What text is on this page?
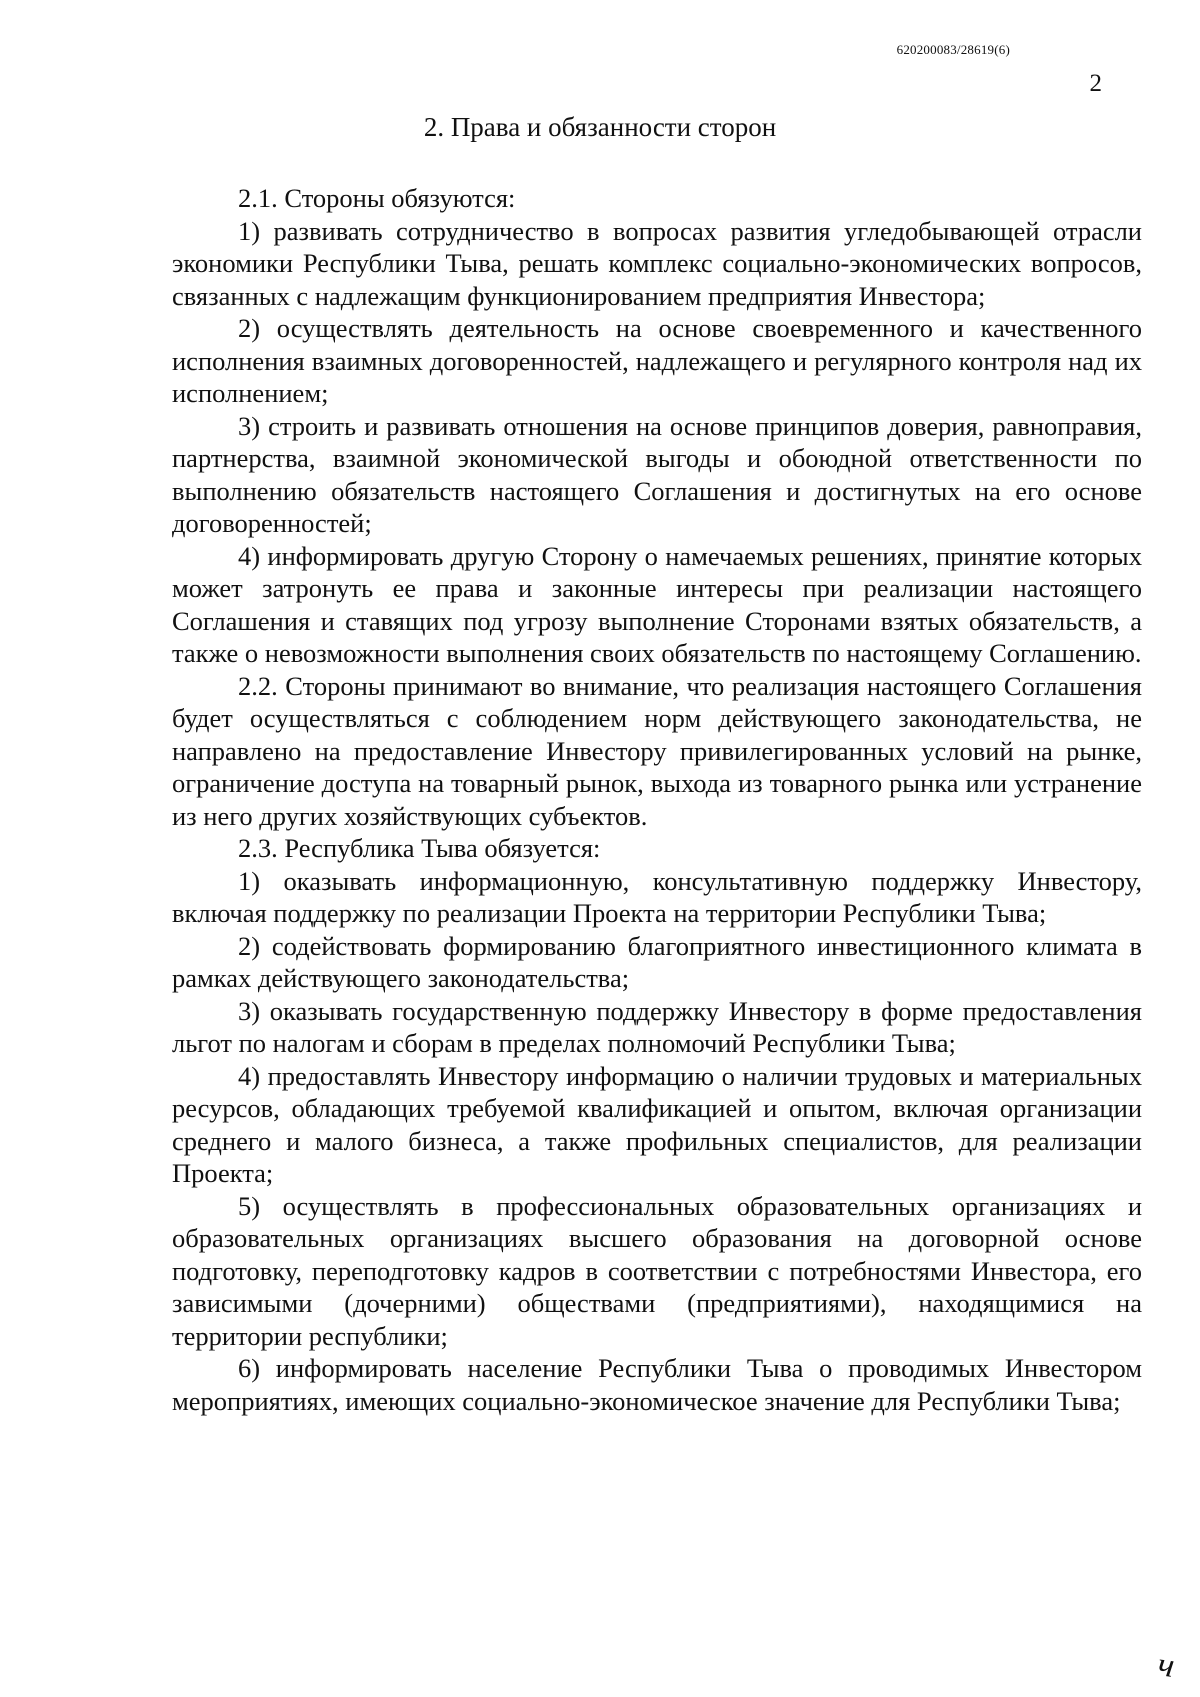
620200083/28619(6)
2
2. Права и обязанности сторон

2.1. Стороны обязуются:

1) развивать сотрудничество в вопросах развития угледобывающей отрасли экономики Республики Тыва, решать комплекс социально-экономических вопросов, связанных с надлежащим функционированием предприятия Инвестора;

2) осуществлять деятельность на основе своевременного и качественного исполнения взаимных договоренностей, надлежащего и регулярного контроля над их исполнением;

3) строить и развивать отношения на основе принципов доверия, равноправия, партнерства, взаимной экономической выгоды и обоюдной ответственности по выполнению обязательств настоящего Соглашения и достигнутых на его основе договоренностей;

4) информировать другую Сторону о намечаемых решениях, принятие которых может затронуть ее права и законные интересы при реализации настоящего Соглашения и ставящих под угрозу выполнение Сторонами взятых обязательств, а также о невозможности выполнения своих обязательств по настоящему Соглашению.

2.2. Стороны принимают во внимание, что реализация настоящего Соглашения будет осуществляться с соблюдением норм действующего законодательства, не направлено на предоставление Инвестору привилегированных условий на рынке, ограничение доступа на товарный рынок, выхода из товарного рынка или устранение из него других хозяйствующих субъектов.

2.3. Республика Тыва обязуется:

1) оказывать информационную, консультативную поддержку Инвестору, включая поддержку по реализации Проекта на территории Республики Тыва;

2) содействовать формированию благоприятного инвестиционного климата в рамках действующего законодательства;

3) оказывать государственную поддержку Инвестору в форме предоставления льгот по налогам и сборам в пределах полномочий Республики Тыва;

4) предоставлять Инвестору информацию о наличии трудовых и материальных ресурсов, обладающих требуемой квалификацией и опытом, включая организации среднего и малого бизнеса, а также профильных специалистов, для реализации Проекта;

5) осуществлять в профессиональных образовательных организациях и образовательных организациях высшего образования на договорной основе подготовку, переподготовку кадров в соответствии с потребностями Инвестора, его зависимыми (дочерними) обществами (предприятиями), находящимися на территории республики;

6) информировать население Республики Тыва о проводимых Инвестором мероприятиях, имеющих социально-экономическое значение для Республики Тыва;

ч
